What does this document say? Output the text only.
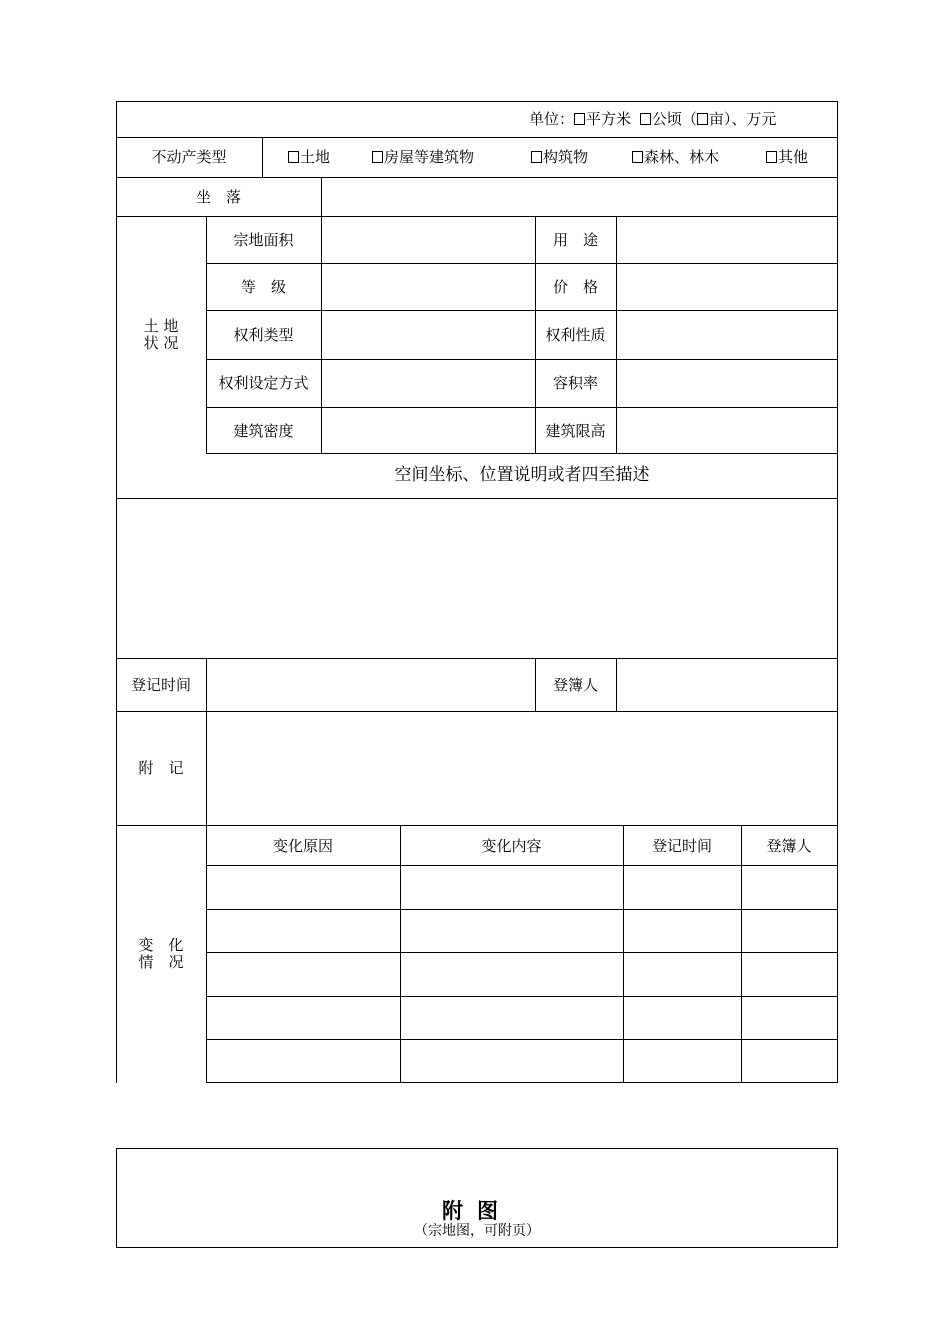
单位： 平方米 公顷（ 亩）、万元
不动产类型	土地	房屋等建筑物	构筑物	森林、林木	其他
坐　落
土 地
状 况
宗地面积	用　途
等　级	价　格
权利类型	权利性质
权利设定方式	容积率
建筑密度	建筑限高
空间坐标、位置说明或者四至描述
登记时间	登簿人
附　记
变　化
情　况
变化原因	变化内容	登记时间	登簿人
附图
（宗地图，可附页）
